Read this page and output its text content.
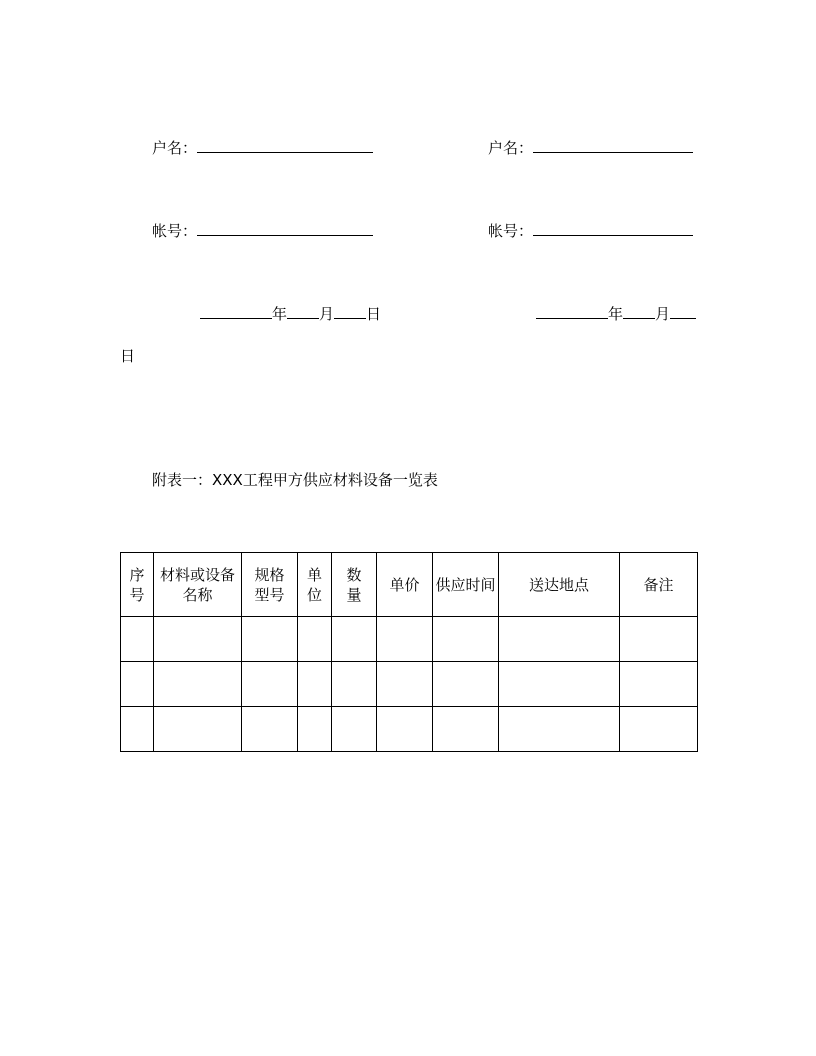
户名：
帐号：
户名：
帐号：
年 月 日	年 月
日
附表一：XXX工程甲方供应材料设备一览表
序号	材料或设备名称	规格型号	单位	数量	单价	供应时间	送达地点	备注
